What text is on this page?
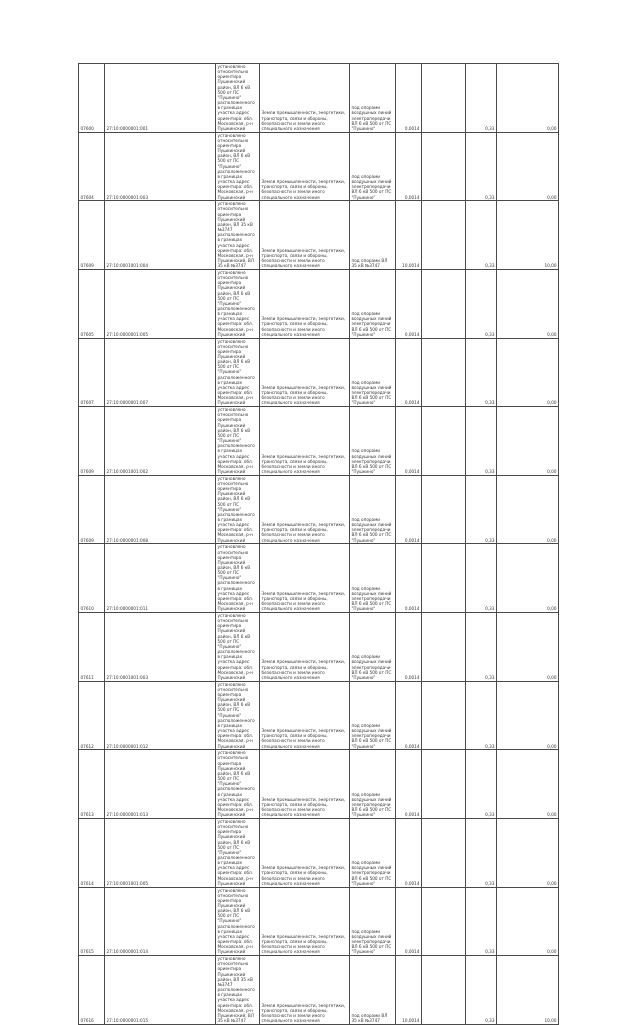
07600	27:10:0000001:001	установлено относительно ориентира Пушкинский район, ВЛ 6 кВ 500 от ПС "Пушкино" расположенного в границах участка адрес ориентира: обл. Московская, р-н Пушкинский	Земли промышленности, энергетики, транспорта, связи и обороны, безопасности и земли иного специального назначения	под опорами воздушных линий электропередачи ВЛ 6 кВ 500 от ПС "Пушкино"	0,0014		0,33	0,00
07604	27:10:0000001:003	установлено относительно ориентира Пушкинский район, ВЛ 6 кВ 500 от ПС "Пушкино" расположенного в границах участка адрес ориентира: обл. Московская, р-н Пушкинский	Земли промышленности, энергетики, транспорта, связи и обороны, безопасности и земли иного специального назначения	под опорами воздушных линий электропередачи ВЛ 6 кВ 500 от ПС "Пушкино"	0,0014		0,33	0,00
07609	27:10:0001001:004	установлено относительно ориентира Пушкинский район, ВЛ 35 кВ №3747 расположенного в границах участка адрес ориентира: обл. Московская, р-н Пушкинский, ВЛ 35 кВ №3747	Земли промышленности, энергетики, транспорта, связи и обороны, безопасности и земли иного специального назначения	под опорами ВЛ 35 кВ №3747	10,0014		0,33	10,00
07605	27:10:0000001:005	установлено относительно ориентира Пушкинский район, ВЛ 6 кВ 500 от ПС "Пушкино" расположенного в границах участка адрес ориентира: обл. Московская, р-н Пушкинский	Земли промышленности, энергетики, транспорта, связи и обороны, безопасности и земли иного специального назначения	под опорами воздушных линий электропередачи ВЛ 6 кВ 500 от ПС "Пушкино"	0,0014		0,33	0,00
07607	27:10:0000001:007	установлено относительно ориентира Пушкинский район, ВЛ 6 кВ 500 от ПС "Пушкино" расположенного в границах участка адрес ориентира: обл. Московская, р-н Пушкинский	Земли промышленности, энергетики, транспорта, связи и обороны, безопасности и земли иного специального назначения	под опорами воздушных линий электропередачи ВЛ 6 кВ 500 от ПС "Пушкино"	0,0014		0,33	0,00
07609	27:10:0001001:002	установлено относительно ориентира Пушкинский район, ВЛ 6 кВ 500 от ПС "Пушкино" расположенного в границах участка адрес ориентира: обл. Московская, р-н Пушкинский	Земли промышленности, энергетики, транспорта, связи и обороны, безопасности и земли иного специального назначения	под опорами воздушных линий электропередачи ВЛ 6 кВ 500 от ПС "Пушкино"	0,0014		0,33	0,00
07609	27:10:0000001:008	установлено относительно ориентира Пушкинский район, ВЛ 6 кВ 500 от ПС "Пушкино" расположенного в границах участка адрес ориентира: обл. Московская, р-н Пушкинский	Земли промышленности, энергетики, транспорта, связи и обороны, безопасности и земли иного специального назначения	под опорами воздушных линий электропередачи ВЛ 6 кВ 500 от ПС "Пушкино"	0,0014		0,33	0,00
07610	27:10:0000001:011	установлено относительно ориентира Пушкинский район, ВЛ 6 кВ 500 от ПС "Пушкино" расположенного в границах участка адрес ориентира: обл. Московская, р-н Пушкинский	Земли промышленности, энергетики, транспорта, связи и обороны, безопасности и земли иного специального назначения	под опорами воздушных линий электропередачи ВЛ 6 кВ 500 от ПС "Пушкино"	0,0014		0,33	0,00
07611	27:10:0001001:003	установлено относительно ориентира Пушкинский район, ВЛ 6 кВ 500 от ПС "Пушкино" расположенного в границах участка адрес ориентира: обл. Московская, р-н Пушкинский	Земли промышленности, энергетики, транспорта, связи и обороны, безопасности и земли иного специального назначения	под опорами воздушных линий электропередачи ВЛ 6 кВ 500 от ПС "Пушкино"	0,0014		0,33	0,00
07612	27:10:0000001:012	установлено относительно ориентира Пушкинский район, ВЛ 6 кВ 500 от ПС "Пушкино" расположенного в границах участка адрес ориентира: обл. Московская, р-н Пушкинский	Земли промышленности, энергетики, транспорта, связи и обороны, безопасности и земли иного специального назначения	под опорами воздушных линий электропередачи ВЛ 6 кВ 500 от ПС "Пушкино"	0,0014		0,33	0,00
07613	27:10:0000001:013	установлено относительно ориентира Пушкинский район, ВЛ 6 кВ 500 от ПС "Пушкино" расположенного в границах участка адрес ориентира: обл. Московская, р-н Пушкинский	Земли промышленности, энергетики, транспорта, связи и обороны, безопасности и земли иного специального назначения	под опорами воздушных линий электропередачи ВЛ 6 кВ 500 от ПС "Пушкино"	0,0014		0,33	0,00
07614	27:10:0001001:005	установлено относительно ориентира Пушкинский район, ВЛ 6 кВ 500 от ПС "Пушкино" расположенного в границах участка адрес ориентира: обл. Московская, р-н Пушкинский	Земли промышленности, энергетики, транспорта, связи и обороны, безопасности и земли иного специального назначения	под опорами воздушных линий электропередачи ВЛ 6 кВ 500 от ПС "Пушкино"	0,0014		0,33	0,00
07615	27:10:0000001:014	установлено относительно ориентира Пушкинский район, ВЛ 6 кВ 500 от ПС "Пушкино" расположенного в границах участка адрес ориентира: обл. Московская, р-н Пушкинский	Земли промышленности, энергетики, транспорта, связи и обороны, безопасности и земли иного специального назначения	под опорами воздушных линий электропередачи ВЛ 6 кВ 500 от ПС "Пушкино"	0,0014		0,33	0,00
07616	27:10:0000001:015	установлено относительно ориентира Пушкинский район, ВЛ 35 кВ №3747 расположенного в границах участка адрес ориентира: обл. Московская, р-н Пушкинский, ВЛ 35 кВ №3747	Земли промышленности, энергетики, транспорта, связи и обороны, безопасности и земли иного специального назначения	под опорами ВЛ 35 кВ №3747	10,0014		0,33	10,00
